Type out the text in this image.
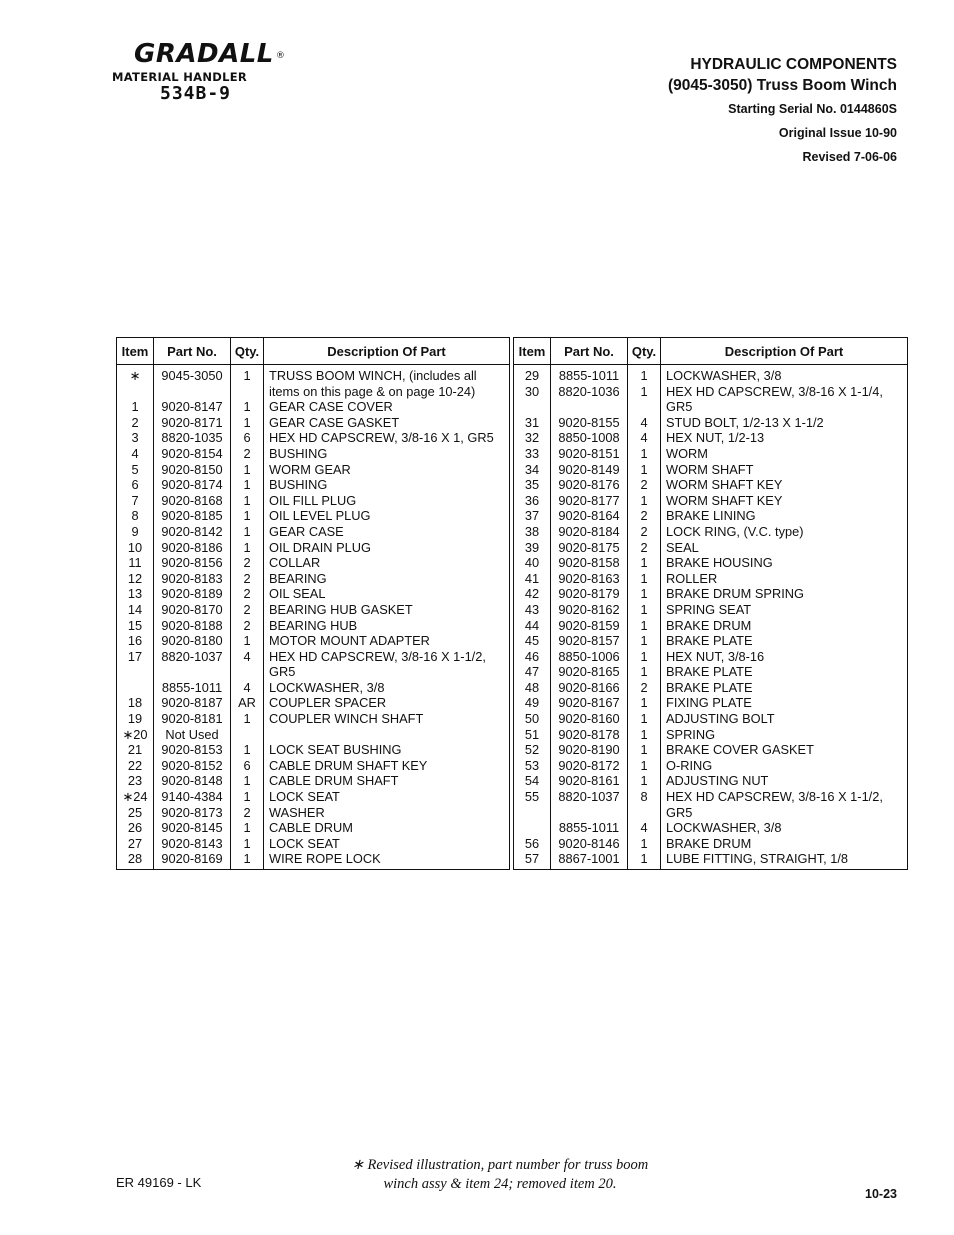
GRADALL ®
MATERIAL HANDLER
534B-9
HYDRAULIC COMPONENTS
(9045-3050) Truss Boom Winch
Starting Serial No. 0144860S
Original Issue 10-90
Revised 7-06-06
Item	Part No.	Qty.	Description Of Part
∗	9045-3050	1	TRUSS BOOM WINCH, (includes all
			items on this page & on page 10-24)
1	9020-8147	1	GEAR CASE COVER
2	9020-8171	1	GEAR CASE GASKET
3	8820-1035	6	HEX HD CAPSCREW, 3/8-16 X 1, GR5
4	9020-8154	2	BUSHING
5	9020-8150	1	WORM GEAR
6	9020-8174	1	BUSHING
7	9020-8168	1	OIL FILL PLUG
8	9020-8185	1	OIL LEVEL PLUG
9	9020-8142	1	GEAR CASE
10	9020-8186	1	OIL DRAIN PLUG
11	9020-8156	2	COLLAR
12	9020-8183	2	BEARING
13	9020-8189	2	OIL SEAL
14	9020-8170	2	BEARING HUB GASKET
15	9020-8188	2	BEARING HUB
16	9020-8180	1	MOTOR MOUNT ADAPTER
17	8820-1037	4	HEX HD CAPSCREW, 3/8-16 X 1-1/2,
			GR5
	8855-1011	4	LOCKWASHER, 3/8
18	9020-8187	AR	COUPLER SPACER
19	9020-8181	1	COUPLER WINCH SHAFT
∗20	Not Used		
21	9020-8153	1	LOCK SEAT BUSHING
22	9020-8152	6	CABLE DRUM SHAFT KEY
23	9020-8148	1	CABLE DRUM SHAFT
∗24	9140-4384	1	LOCK SEAT
25	9020-8173	2	WASHER
26	9020-8145	1	CABLE DRUM
27	9020-8143	1	LOCK SEAT
28	9020-8169	1	WIRE ROPE LOCK
Item	Part No.	Qty.	Description Of Part
29	8855-1011	1	LOCKWASHER, 3/8
30	8820-1036	1	HEX HD CAPSCREW, 3/8-16 X 1-1/4,
			GR5
31	9020-8155	4	STUD BOLT, 1/2-13 X 1-1/2
32	8850-1008	4	HEX NUT, 1/2-13
33	9020-8151	1	WORM
34	9020-8149	1	WORM SHAFT
35	9020-8176	2	WORM SHAFT KEY
36	9020-8177	1	WORM SHAFT KEY
37	9020-8164	2	BRAKE LINING
38	9020-8184	2	LOCK RING, (V.C. type)
39	9020-8175	2	SEAL
40	9020-8158	1	BRAKE HOUSING
41	9020-8163	1	ROLLER
42	9020-8179	1	BRAKE DRUM SPRING
43	9020-8162	1	SPRING SEAT
44	9020-8159	1	BRAKE DRUM
45	9020-8157	1	BRAKE PLATE
46	8850-1006	1	HEX NUT, 3/8-16
47	9020-8165	1	BRAKE PLATE
48	9020-8166	2	BRAKE PLATE
49	9020-8167	1	FIXING PLATE
50	9020-8160	1	ADJUSTING BOLT
51	9020-8178	1	SPRING
52	9020-8190	1	BRAKE COVER GASKET
53	9020-8172	1	O-RING
54	9020-8161	1	ADJUSTING NUT
55	8820-1037	8	HEX HD CAPSCREW, 3/8-16 X 1-1/2,
			GR5
	8855-1011	4	LOCKWASHER, 3/8
56	9020-8146	1	BRAKE DRUM
57	8867-1001	1	LUBE FITTING, STRAIGHT, 1/8
ER 49169 - LK
∗ Revised illustration, part number for truss boom
winch assy & item 24; removed item 20.
10-23
